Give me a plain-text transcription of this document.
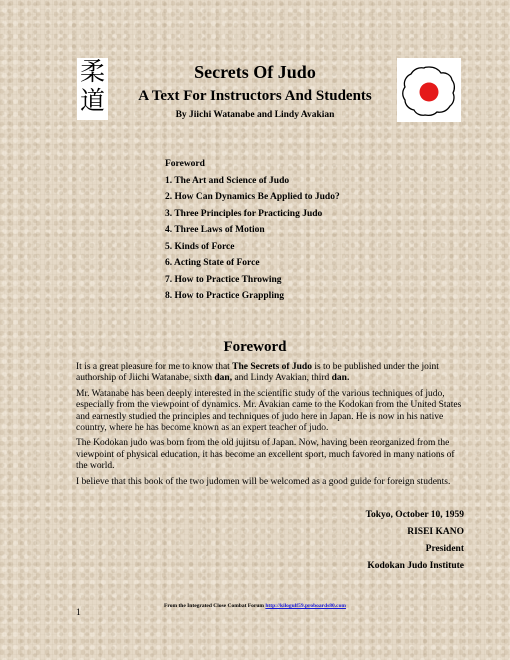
柔
道
Secrets Of Judo
A Text For Instructors And Students
By Jiichi Watanabe and Lindy Avakian
Foreword
1. The Art and Science of Judo
2. How Can Dynamics Be Applied to Judo?
3. Three Principles for Practicing Judo
4. Three Laws of Motion
5. Kinds of Force
6. Acting State of Force
7. How to Practice Throwing
8. How to Practice Grappling
Foreword

It is a great pleasure for me to know that The Secrets of Judo is to be published under the joint authorship of Jiichi Watanabe, sixth dan, and Lindy Avakian, third dan.

Mr. Watanabe has been deeply interested in the scientific study of the various techniques of judo, especially from the viewpoint of dynamics. Mr. Avakian came to the Kodokan from the United States and earnestly studied the principles and techniques of judo here in Japan. He is now in his native country, where he has become known as an expert teacher of judo.

The Kodokan judo was born from the old jujitsu of Japan. Now, having been reorganized from the viewpoint of physical education, it has become an excellent sport, much favored in many nations of the world.

I believe that this book of the two judomen will be welcomed as a good guide for foreign students.

Tokyo, October 10, 1959
RISEI KANO
President
Kodokan Judo Institute
From the Integrated Close Combat Forum http://kilogulf59.proboards80.com
1
